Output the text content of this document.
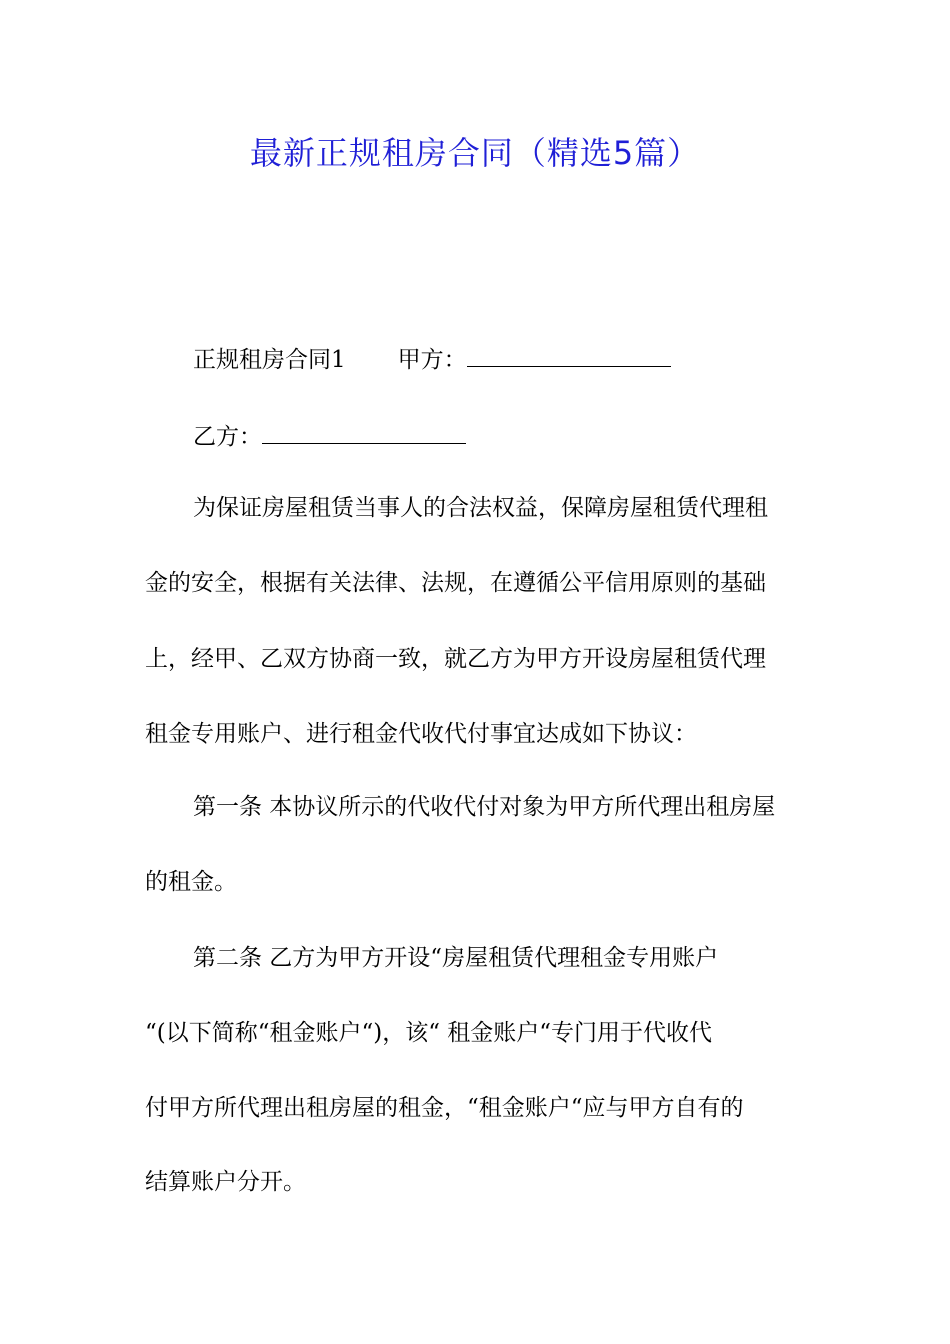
最新正规租房合同（精选5篇）
正规租房合同1 甲方：
乙方：
为保证房屋租赁当事人的合法权益，保障房屋租赁代理租
金的安全，根据有关法律、法规，在遵循公平信用原则的基础
上，经甲、乙双方协商一致，就乙方为甲方开设房屋租赁代理
租金专用账户、进行租金代收代付事宜达成如下协议：
第一条 本协议所示的代收代付对象为甲方所代理出租房屋
的租金。
第二条 乙方为甲方开设“房屋租赁代理租金专用账户
“(以下简称“租金账户“)，该“ 租金账户“专门用于代收代
付甲方所代理出租房屋的租金，“租金账户“应与甲方自有的
结算账户分开。
